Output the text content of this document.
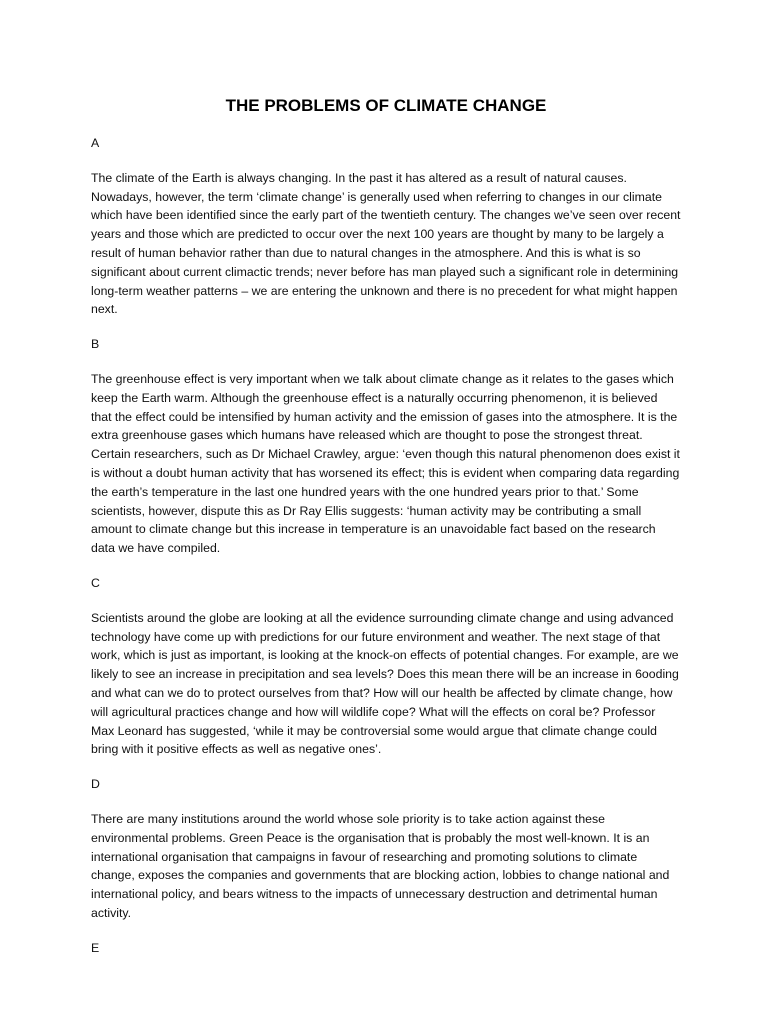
THE PROBLEMS OF CLIMATE CHANGE
A

The climate of the Earth is always changing. In the past it has altered as a result of natural causes. Nowadays, however, the term ‘climate change’ is generally used when referring to changes in our climate which have been identified since the early part of the twentieth century. The changes we’ve seen over recent years and those which are predicted to occur over the next 100 years are thought by many to be largely a result of human behavior rather than due to natural changes in the atmosphere. And this is what is so significant about current climactic trends; never before has man played such a significant role in determining long-term weather patterns – we are entering the unknown and there is no precedent for what might happen next.

B

The greenhouse effect is very important when we talk about climate change as it relates to the gases which keep the Earth warm. Although the greenhouse effect is a naturally occurring phenomenon, it is believed that the effect could be intensified by human activity and the emission of gases into the atmosphere. It is the extra greenhouse gases which humans have released which are thought to pose the strongest threat. Certain researchers, such as Dr Michael Crawley, argue: ‘even though this natural phenomenon does exist it is without a doubt human activity that has worsened its effect; this is evident when comparing data regarding the earth’s temperature in the last one hundred years with the one hundred years prior to that.’ Some scientists, however, dispute this as Dr Ray Ellis suggests: ‘human activity may be contributing a small amount to climate change but this increase in temperature is an unavoidable fact based on the research data we have compiled.

C

Scientists around the globe are looking at all the evidence surrounding climate change and using advanced technology have come up with predictions for our future environment and weather. The next stage of that work, which is just as important, is looking at the knock-on effects of potential changes. For example, are we likely to see an increase in precipitation and sea levels? Does this mean there will be an increase in 6ooding and what can we do to protect ourselves from that? How will our health be affected by climate change, how will agricultural practices change and how will wildlife cope? What will the effects on coral be? Professor Max Leonard has suggested, ‘while it may be controversial some would argue that climate change could bring with it positive effects as well as negative ones’.

D

There are many institutions around the world whose sole priority is to take action against these environmental problems. Green Peace is the organisation that is probably the most well-known. It is an international organisation that campaigns in favour of researching and promoting solutions to climate change, exposes the companies and governments that are blocking action, lobbies to change national and international policy, and bears witness to the impacts of unnecessary destruction and detrimental human activity.

E
